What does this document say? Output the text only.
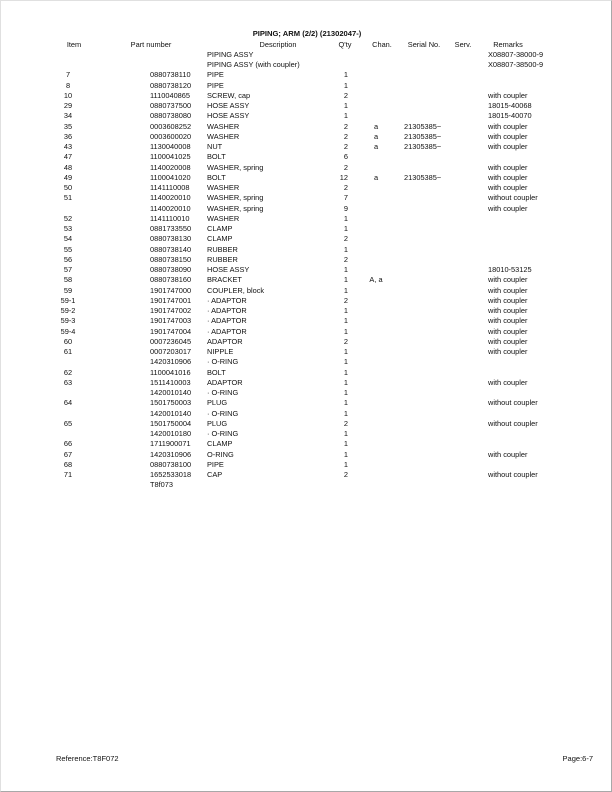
PIPING; ARM (2/2) (21302047-)
Item	Part number	Description	Q'ty	Chan.	Serial No.	Serv.	Remarks
PIPING ASSY	X08807-38000-9
PIPING ASSY (with coupler)	X08807-38500-9
7	0880738110 PIPE	1
8	0880738120 PIPE	1
10	1110040865 SCREW, cap	2	with coupler
29	0880737500 HOSE ASSY	1	18015-40068
34	0880738080 HOSE ASSY	1	18015-40070
35	0003608252 WASHER	2	a	21305385~	with coupler
36	0003600020 WASHER	2	a	21305385~	with coupler
43	1130040008 NUT	2	a	21305385~	with coupler
47	1100041025 BOLT	6
48	1140020008 WASHER, spring	2	with coupler
49	1100041020 BOLT	12	a	21305385~	with coupler
50	1141110008 WASHER	2	with coupler
51	1140020010 WASHER, spring	7	without coupler
1140020010 WASHER, spring	9	with coupler
52	1141110010 WASHER	1
53	0881733550 CLAMP	1
54	0880738130 CLAMP	2
55	0880738140 RUBBER	1
56	0880738150 RUBBER	2
57	0880738090 HOSE ASSY	1	18010-53125
58	0880738160 BRACKET	1	A, a	with coupler
59	1901747000 COUPLER, block	1	with coupler
59-1	1901747001 · ADAPTOR	2	with coupler
59-2	1901747002 · ADAPTOR	1	with coupler
59-3	1901747003 · ADAPTOR	1	with coupler
59-4	1901747004 · ADAPTOR	1	with coupler
60	0007236045 ADAPTOR	2	with coupler
61	0007203017 NIPPLE	1	with coupler
1420310906 · O-RING	1
62	1100041016 BOLT	1
63	1511410003 ADAPTOR	1	with coupler
1420010140 · O-RING	1
64	1501750003 PLUG	1	without coupler
1420010140 · O-RING	1
65	1501750004 PLUG	2	without coupler
1420010180 · O-RING	1
66	1711900071 CLAMP	1
67	1420310906 O-RING	1	with coupler
68	0880738100 PIPE	1
71	1652533018 CAP	2	without coupler
T8f073
Reference:T8F072	Page:6-7
